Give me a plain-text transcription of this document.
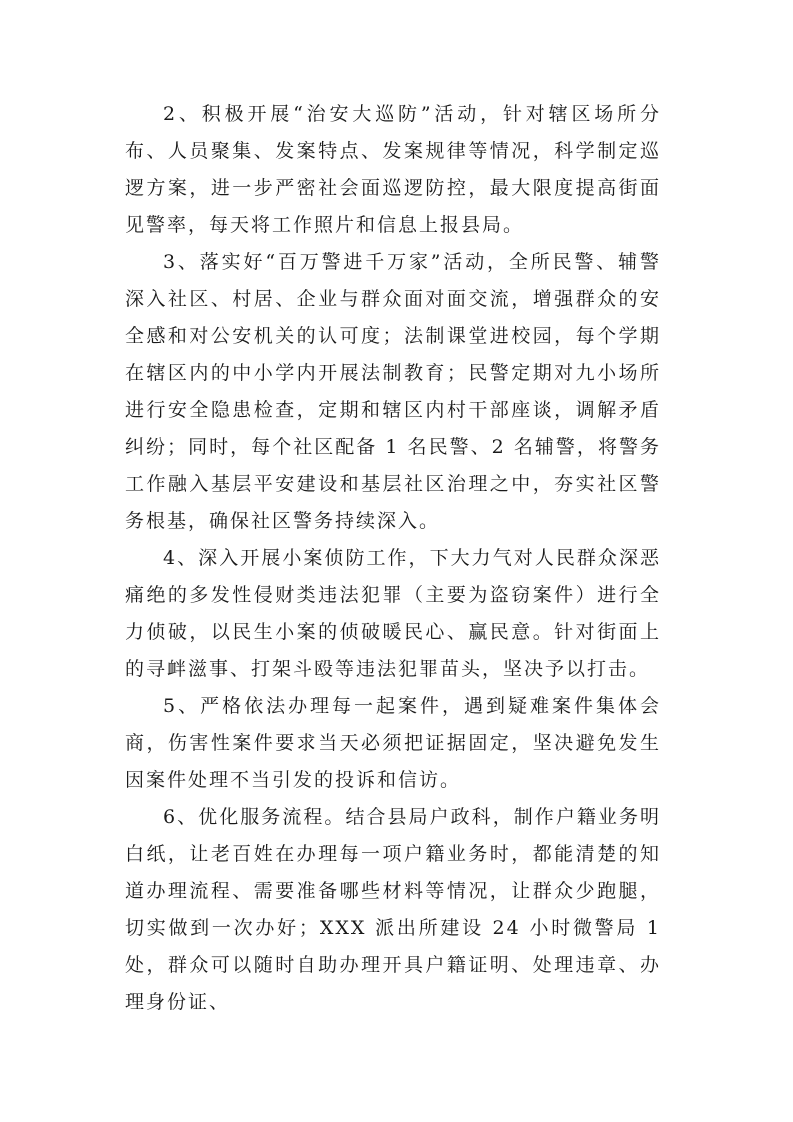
2、积极开展“治安大巡防”活动，针对辖区场所分布、人员聚集、发案特点、发案规律等情况，科学制定巡逻方案，进一步严密社会面巡逻防控，最大限度提高街面见警率，每天将工作照片和信息上报县局。

3、落实好“百万警进千万家”活动，全所民警、辅警深入社区、村居、企业与群众面对面交流，增强群众的安全感和对公安机关的认可度；法制课堂进校园，每个学期在辖区内的中小学内开展法制教育；民警定期对九小场所进行安全隐患检查，定期和辖区内村干部座谈，调解矛盾纠纷；同时，每个社区配备 1 名民警、2 名辅警，将警务工作融入基层平安建设和基层社区治理之中，夯实社区警务根基，确保社区警务持续深入。

4、深入开展小案侦防工作，下大力气对人民群众深恶痛绝的多发性侵财类违法犯罪（主要为盗窃案件）进行全力侦破，以民生小案的侦破暖民心、赢民意。针对街面上的寻衅滋事、打架斗殴等违法犯罪苗头，坚决予以打击。

5、严格依法办理每一起案件，遇到疑难案件集体会商，伤害性案件要求当天必须把证据固定，坚决避免发生因案件处理不当引发的投诉和信访。

6、优化服务流程。结合县局户政科，制作户籍业务明白纸，让老百姓在办理每一项户籍业务时，都能清楚的知道办理流程、需要准备哪些材料等情况，让群众少跑腿，切实做到一次办好；XXX 派出所建设 24 小时微警局 1 处，群众可以随时自助办理开具户籍证明、处理违章、办理身份证、
